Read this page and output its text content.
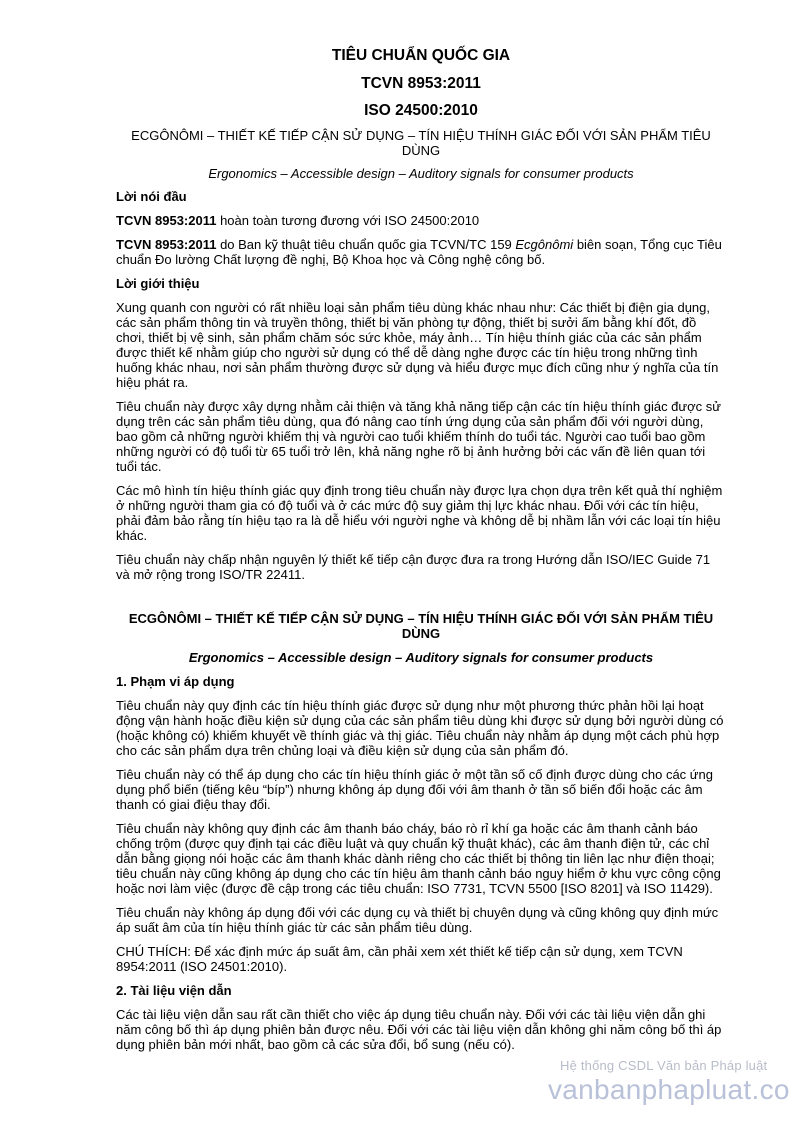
TIÊU CHUẨN QUỐC GIA
TCVN 8953:2011
ISO 24500:2010
ECGÔNÔMI – THIẾT KẾ TIẾP CẬN SỬ DỤNG – TÍN HIỆU THÍNH GIÁC ĐỐI VỚI SẢN PHẨM TIÊU DÙNG
Ergonomics – Accessible design – Auditory signals for consumer products
Lời nói đầu

TCVN 8953:2011 hoàn toàn tương đương với ISO 24500:2010

TCVN 8953:2011 do Ban kỹ thuật tiêu chuẩn quốc gia TCVN/TC 159 Ecgônômi biên soạn, Tổng cục Tiêu chuẩn Đo lường Chất lượng đề nghị, Bộ Khoa học và Công nghệ công bố.

Lời giới thiệu

Xung quanh con người có rất nhiều loại sản phẩm tiêu dùng khác nhau như: Các thiết bị điện gia dụng, các sản phẩm thông tin và truyền thông, thiết bị văn phòng tự động, thiết bị sưởi ấm bằng khí đốt, đồ chơi, thiết bị vệ sinh, sản phẩm chăm sóc sức khỏe, máy ảnh… Tín hiệu thính giác của các sản phẩm được thiết kế nhằm giúp cho người sử dụng có thể dễ dàng nghe được các tín hiệu trong những tình huống khác nhau, nơi sản phẩm thường được sử dụng và hiểu được mục đích cũng như ý nghĩa của tín hiệu phát ra.

Tiêu chuẩn này được xây dựng nhằm cải thiện và tăng khả năng tiếp cận các tín hiệu thính giác được sử dụng trên các sản phẩm tiêu dùng, qua đó nâng cao tính ứng dụng của sản phẩm đối với người dùng, bao gồm cả những người khiếm thị và người cao tuổi khiếm thính do tuổi tác. Người cao tuổi bao gồm những người có độ tuổi từ 65 tuổi trở lên, khả năng nghe rõ bị ảnh hưởng bởi các vấn đề liên quan tới tuổi tác.

Các mô hình tín hiệu thính giác quy định trong tiêu chuẩn này được lựa chọn dựa trên kết quả thí nghiệm ở những người tham gia có độ tuổi và ở các mức độ suy giảm thị lực khác nhau. Đối với các tín hiệu, phải đảm bảo rằng tín hiệu tạo ra là dễ hiểu với người nghe và không dễ bị nhầm lẫn với các loại tín hiệu khác.

Tiêu chuẩn này chấp nhận nguyên lý thiết kế tiếp cận được đưa ra trong Hướng dẫn ISO/IEC Guide 71 và mở rộng trong ISO/TR 22411.

ECGÔNÔMI – THIẾT KẾ TIẾP CẬN SỬ DỤNG – TÍN HIỆU THÍNH GIÁC ĐỐI VỚI SẢN PHẨM TIÊU DÙNG
Ergonomics – Accessible design – Auditory signals for consumer products
1. Phạm vi áp dụng

Tiêu chuẩn này quy định các tín hiệu thính giác được sử dụng như một phương thức phản hồi lại hoạt động vận hành hoặc điều kiện sử dụng của các sản phẩm tiêu dùng khi được sử dụng bởi người dùng có (hoặc không có) khiếm khuyết về thính giác và thị giác. Tiêu chuẩn này nhằm áp dụng một cách phù hợp cho các sản phẩm dựa trên chủng loại và điều kiện sử dụng của sản phẩm đó.

Tiêu chuẩn này có thể áp dụng cho các tín hiệu thính giác ở một tần số cố định được dùng cho các ứng dụng phổ biến (tiếng kêu “bíp”) nhưng không áp dụng đối với âm thanh ở tần số biến đổi hoặc các âm thanh có giai điệu thay đổi.

Tiêu chuẩn này không quy định các âm thanh báo cháy, báo rò rỉ khí ga hoặc các âm thanh cảnh báo chống trộm (được quy định tại các điều luật và quy chuẩn kỹ thuật khác), các âm thanh điện tử, các chỉ dẫn bằng giọng nói hoặc các âm thanh khác dành riêng cho các thiết bị thông tin liên lạc như điện thoại; tiêu chuẩn này cũng không áp dụng cho các tín hiệu âm thanh cảnh báo nguy hiểm ở khu vực công cộng hoặc nơi làm việc (được đề cập trong các tiêu chuẩn: ISO 7731, TCVN 5500 [ISO 8201] và ISO 11429).

Tiêu chuẩn này không áp dụng đối với các dụng cụ và thiết bị chuyên dụng và cũng không quy định mức áp suất âm của tín hiệu thính giác từ các sản phẩm tiêu dùng.

CHÚ THÍCH: Để xác định mức áp suất âm, cần phải xem xét thiết kế tiếp cận sử dụng, xem TCVN 8954:2011 (ISO 24501:2010).

2. Tài liệu viện dẫn

Các tài liệu viện dẫn sau rất cần thiết cho việc áp dụng tiêu chuẩn này. Đối với các tài liệu viện dẫn ghi năm công bố thì áp dụng phiên bản được nêu. Đối với các tài liệu viện dẫn không ghi năm công bố thì áp dụng phiên bản mới nhất, bao gồm cả các sửa đổi, bổ sung (nếu có).

Hệ thống CSDL Văn bản Pháp luật
vanbanphapluat.co
